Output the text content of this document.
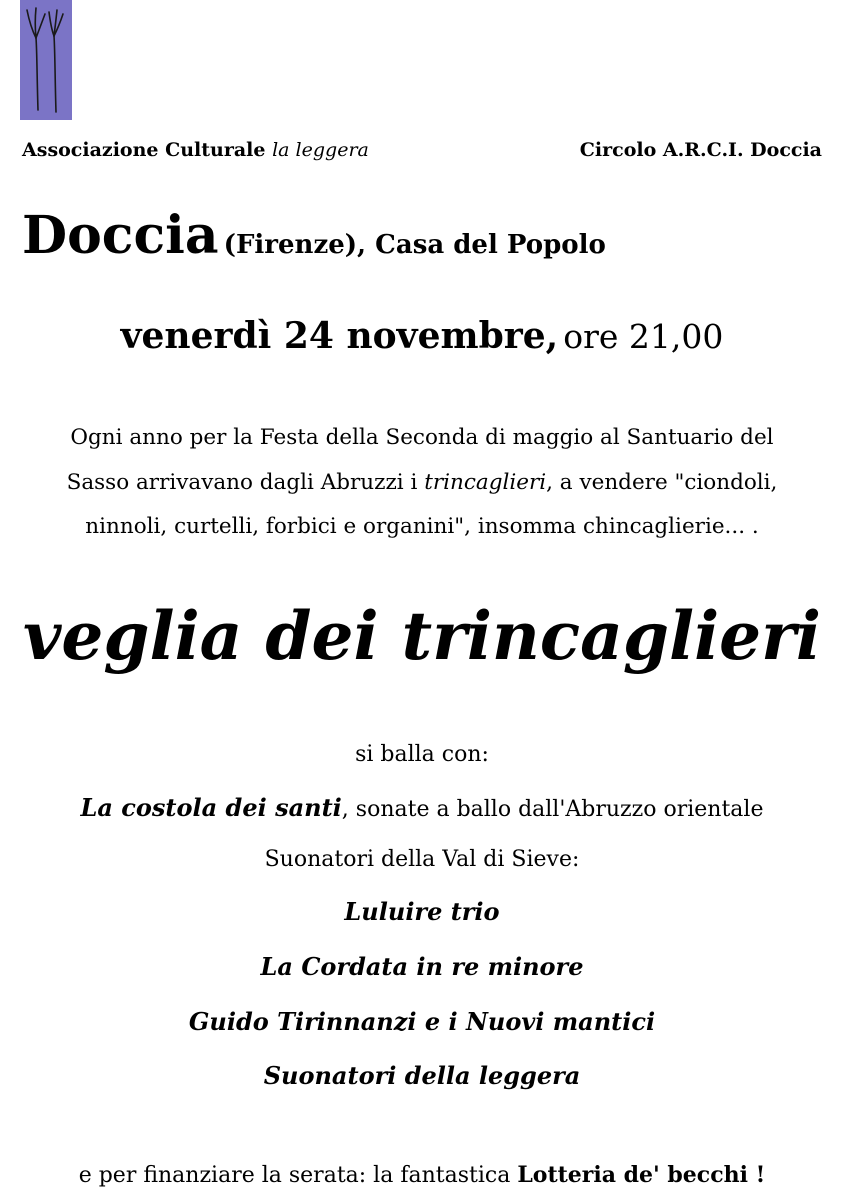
Associazione Culturale la leggera	Circolo A.R.C.I. Doccia
Doccia (Firenze), Casa del Popolo
venerdì 24 novembre, ore 21,00

Ogni anno per la Festa della Seconda di maggio al Santuario del

Sasso arrivavano dagli Abruzzi i trincaglieri, a vendere "ciondoli,

ninnoli, curtelli, forbici e organini", insomma chincaglierie... .

veglia dei trincaglieri
si balla con:
La costola dei santi, sonate a ballo dall'Abruzzo orientale
Suonatori della Val di Sieve:
Luluire trio
La Cordata in re minore
Guido Tirinnanzi e i Nuovi mantici
Suonatori della leggera
e per finanziare la serata: la fantastica Lotteria de' becchi !
